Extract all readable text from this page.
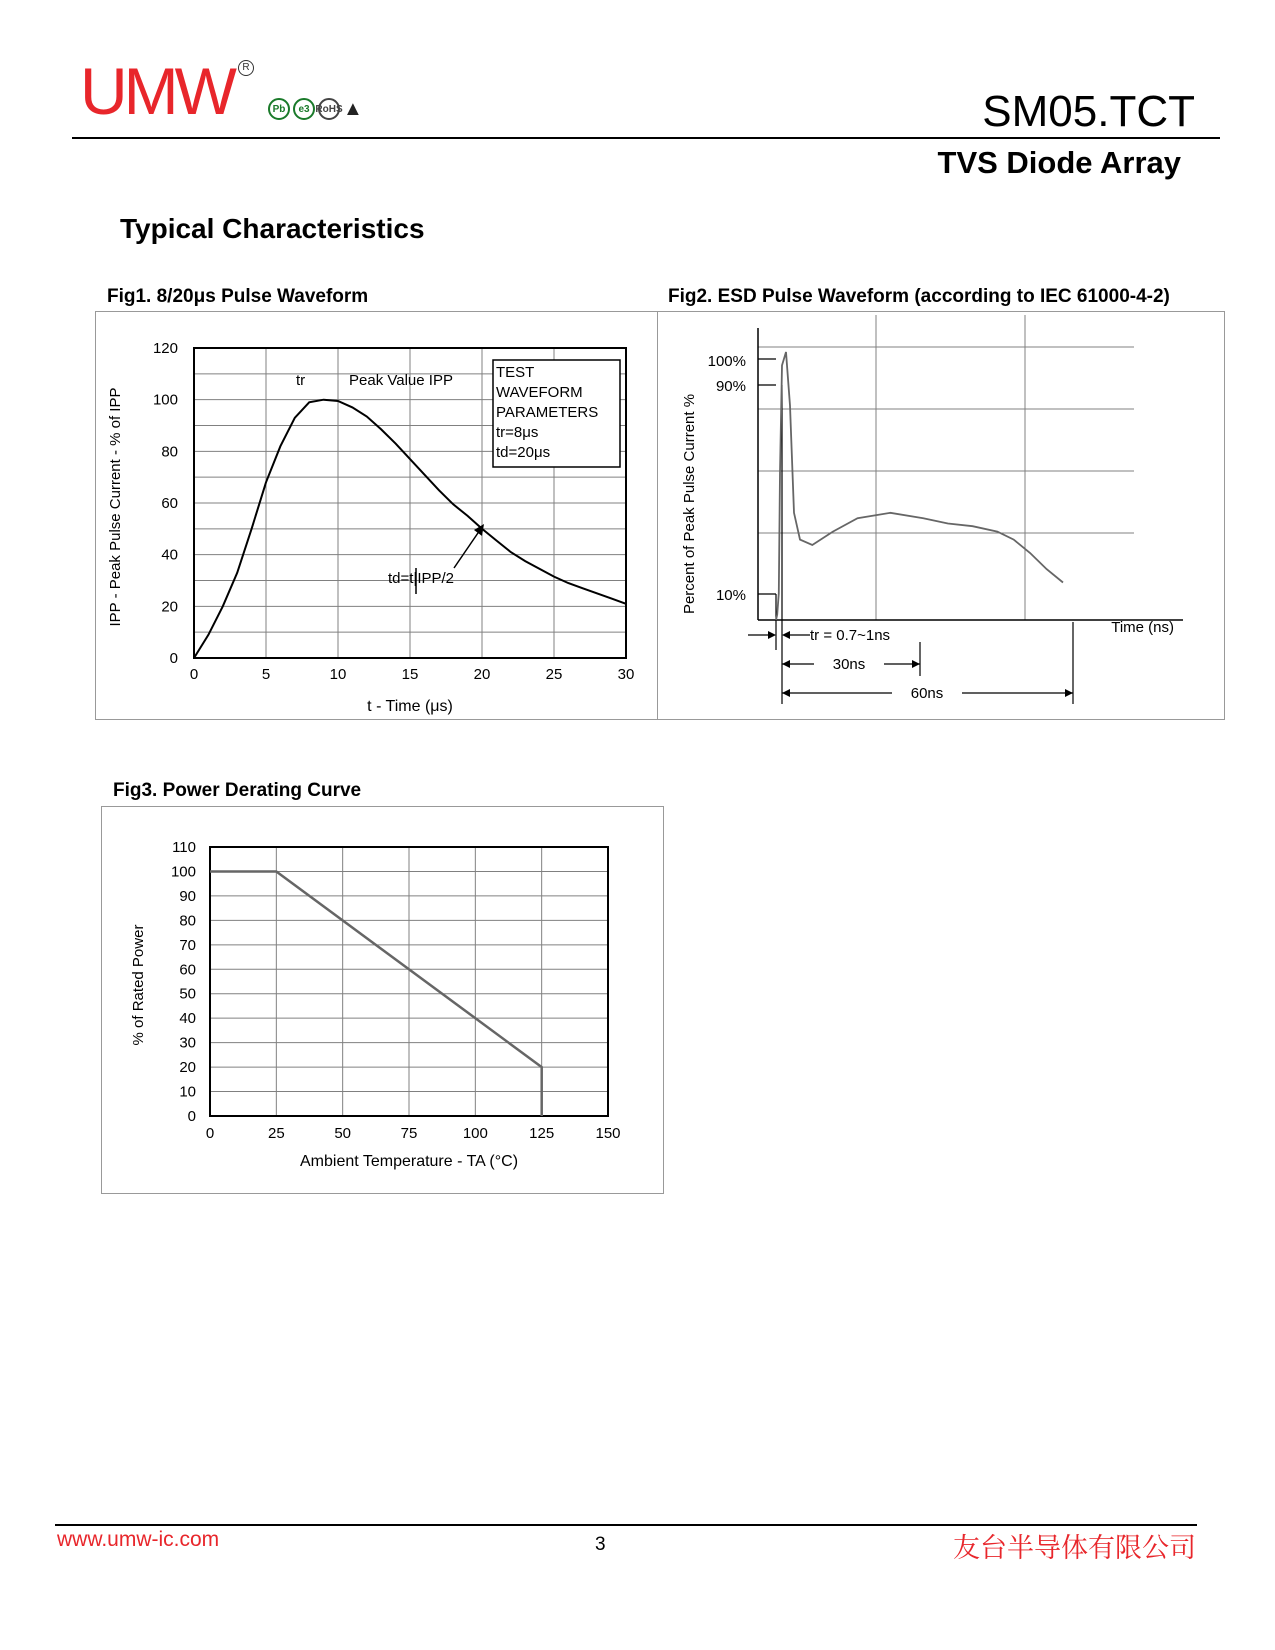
UMW R
Pb	e3 RoHS ▲	SM05.TCT
TVS Diode Array
Typical Characteristics
Fig1. 8/20μs Pulse Waveform	Fig2. ESD Pulse Waveform (according to IEC 61000-4-2)
Fig3. Power Derating Curve
0	5	10	15	20	25	30
0
20
40
60
80
100
120
TEST
WAVEFORM
PARAMETERS
tr=8μs
td=20μs
tr	Peak Value IPP
td=t|IPP/2
t - Time (μs)
IPP - Peak Pulse Current - % of IPP
100%
90%
10%
Time (ns)
Percent of Peak Pulse Current %
tr = 0.7~1ns
30ns
60ns
0	25	50	75	100	125	150
0
10
20
30
40
50
60
70
80
90
100
110
Ambient Temperature - TA (°C)
% of Rated Power
www.umw-ic.com	3	友台半导体有限公司
